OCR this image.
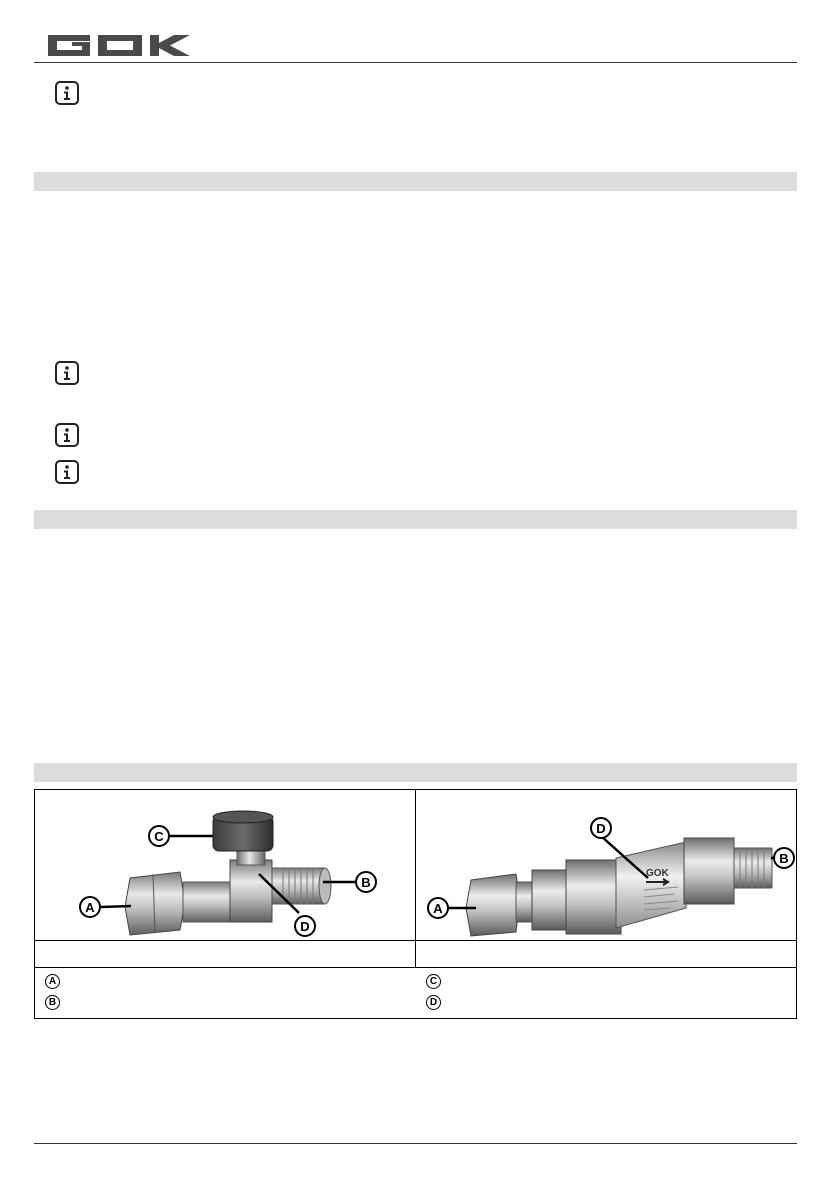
C
A
B
D
GOK
A
B
D
A
B
C
D
